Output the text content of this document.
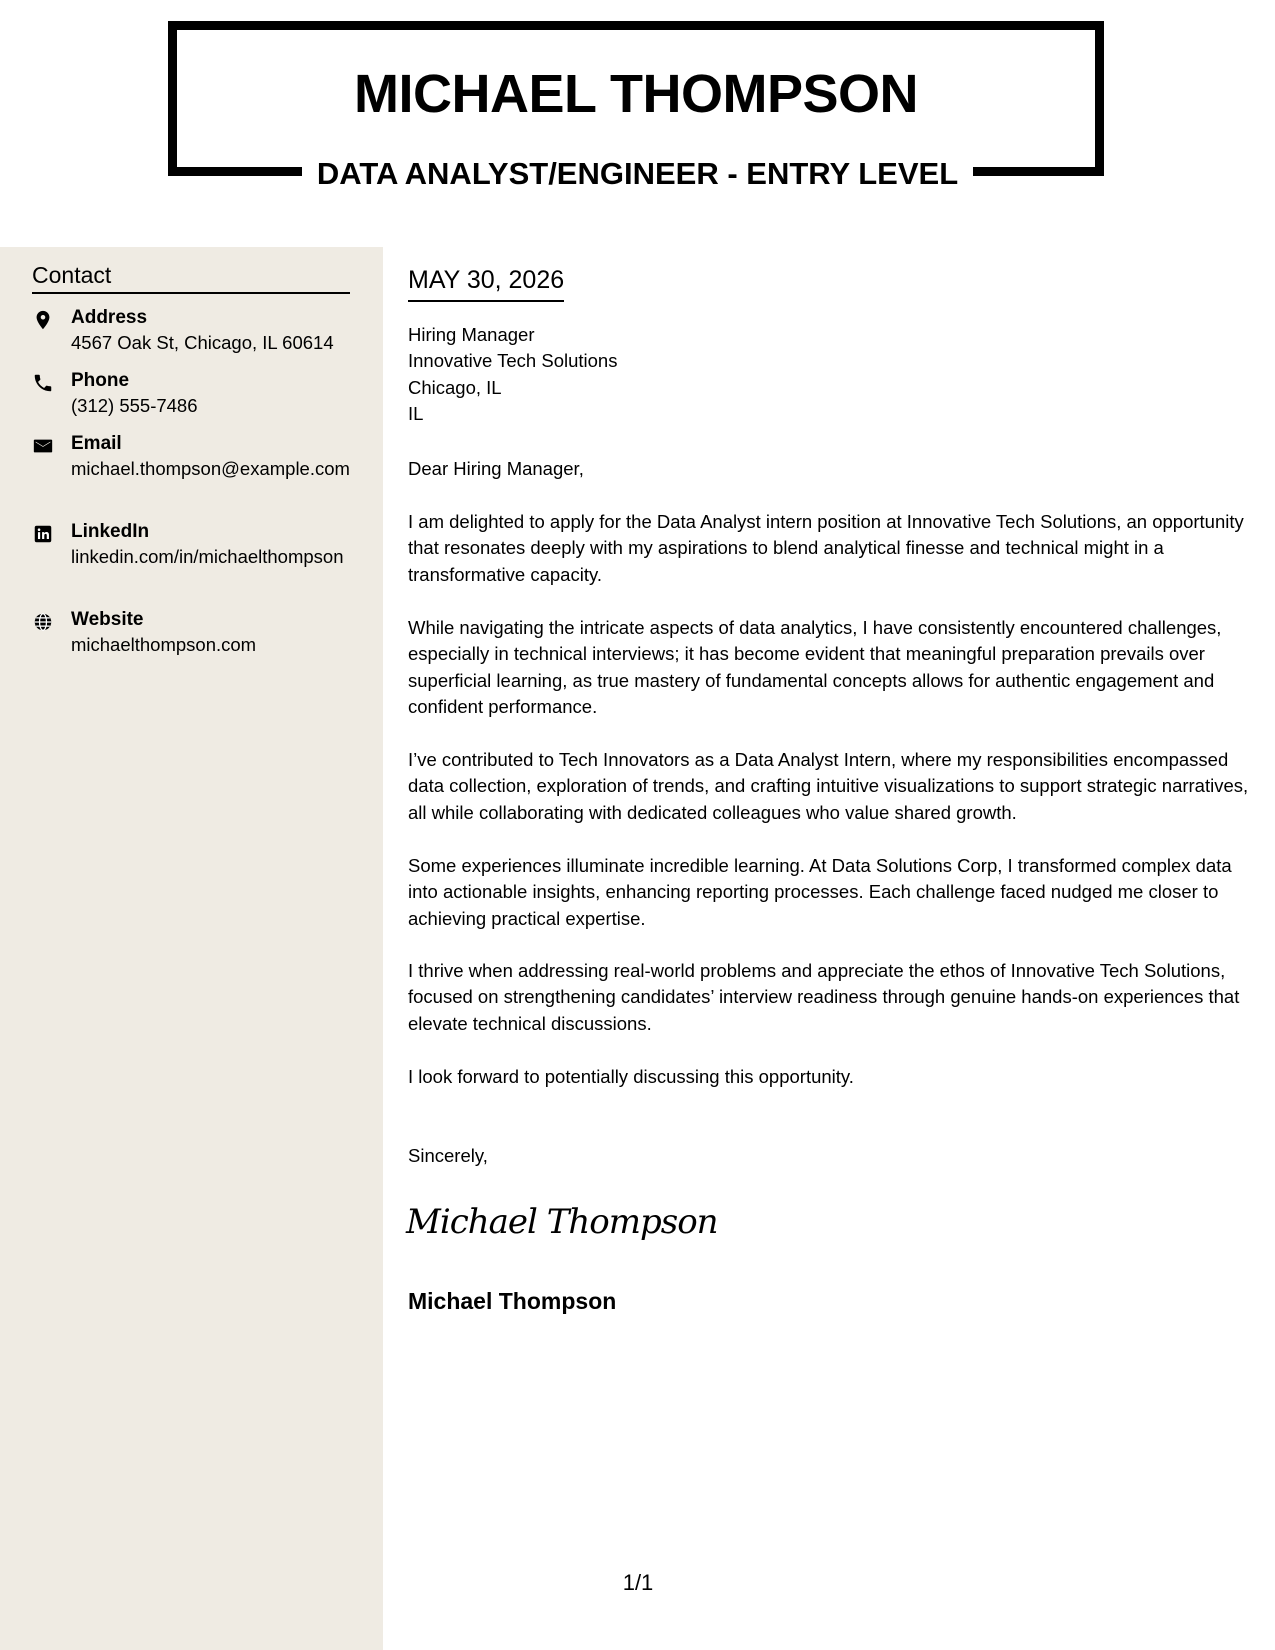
MICHAEL THOMPSON
DATA ANALYST/ENGINEER - ENTRY LEVEL
Contact
Address
4567 Oak St, Chicago, IL 60614
Phone
(312) 555-7486
Email
michael.thompson@example.com
LinkedIn
linkedin.com/in/michaelthompson
Website
michaelthompson.com
MAY 30, 2026
Hiring Manager
Innovative Tech Solutions
Chicago, IL
IL
Dear Hiring Manager,
I am delighted to apply for the Data Analyst intern position at Innovative Tech Solutions, an opportunity that resonates deeply with my aspirations to blend analytical finesse and technical might in a transformative capacity.
While navigating the intricate aspects of data analytics, I have consistently encountered challenges, especially in technical interviews; it has become evident that meaningful preparation prevails over superficial learning, as true mastery of fundamental concepts allows for authentic engagement and confident performance.
I’ve contributed to Tech Innovators as a Data Analyst Intern, where my responsibilities encompassed data collection, exploration of trends, and crafting intuitive visualizations to support strategic narratives, all while collaborating with dedicated colleagues who value shared growth.
Some experiences illuminate incredible learning. At Data Solutions Corp, I transformed complex data into actionable insights, enhancing reporting processes. Each challenge faced nudged me closer to achieving practical expertise.
I thrive when addressing real-world problems and appreciate the ethos of Innovative Tech Solutions, focused on strengthening candidates’ interview readiness through genuine hands-on experiences that elevate technical discussions.
I look forward to potentially discussing this opportunity.
Sincerely,
Michael Thompson
Michael Thompson
1/1
